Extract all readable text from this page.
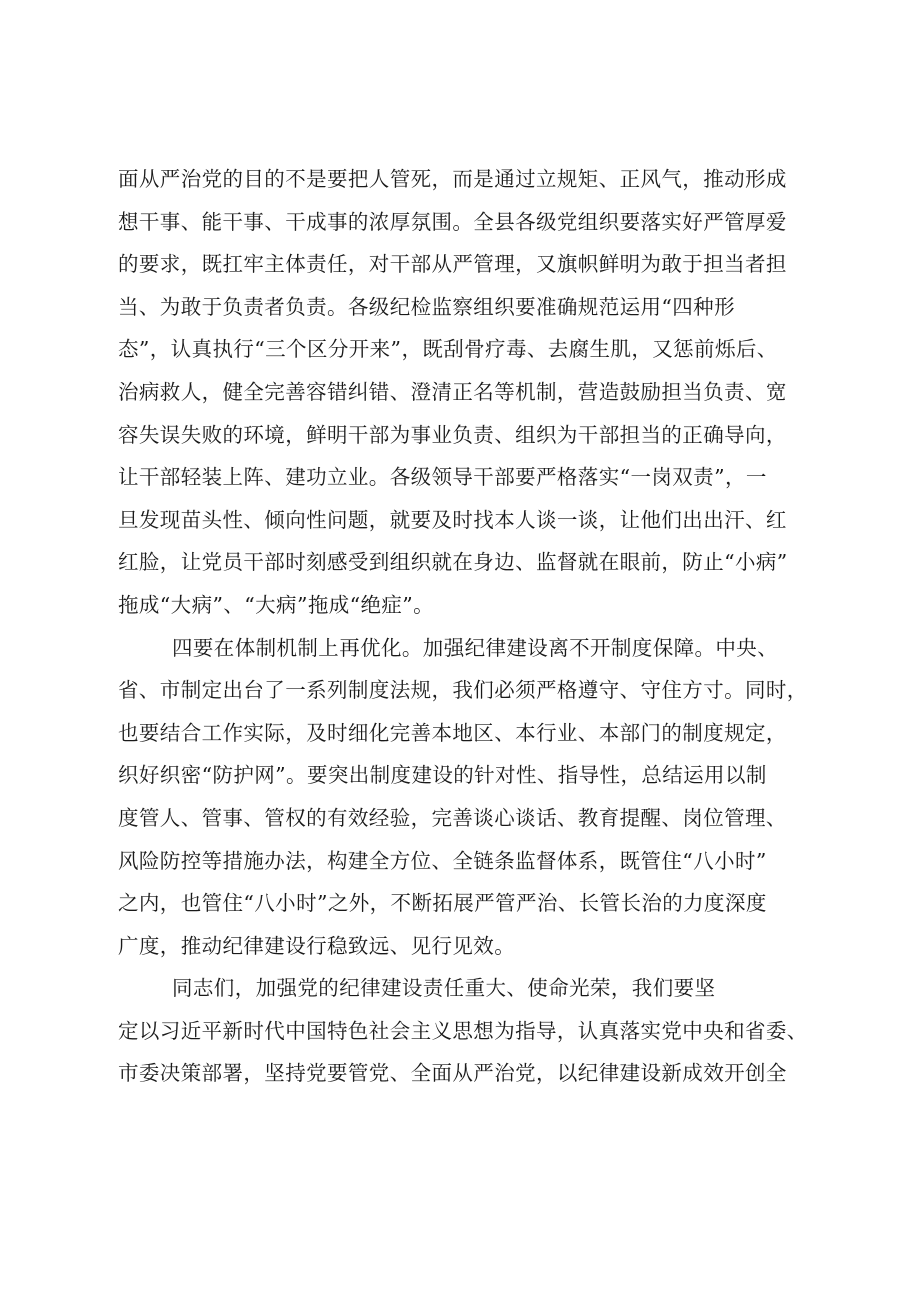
面从严治党的目的不是要把人管死，而是通过立规矩、正风气，推动形成
想干事、能干事、干成事的浓厚氛围。全县各级党组织要落实好严管厚爱
的要求，既扛牢主体责任，对干部从严管理，又旗帜鲜明为敢于担当者担
当、为敢于负责者负责。各级纪检监察组织要准确规范运用“四种形
态”，认真执行“三个区分开来”，既刮骨疗毒、去腐生肌，又惩前烁后、
治病救人，健全完善容错纠错、澄清正名等机制，营造鼓励担当负责、宽
容失误失败的环境，鲜明干部为事业负责、组织为干部担当的正确导向，
让干部轻装上阵、建功立业。各级领导干部要严格落实“一岗双责”，一
旦发现苗头性、倾向性问题，就要及时找本人谈一谈，让他们出出汗、红
红脸，让党员干部时刻感受到组织就在身边、监督就在眼前，防止“小病”
拖成“大病”、“大病”拖成“绝症”。
四要在体制机制上再优化。加强纪律建设离不开制度保障。中央、
省、市制定出台了一系列制度法规，我们必须严格遵守、守住方寸。同时，
也要结合工作实际，及时细化完善本地区、本行业、本部门的制度规定，
织好织密“防护网”。要突出制度建设的针对性、指导性，总结运用以制
度管人、管事、管权的有效经验，完善谈心谈话、教育提醒、岗位管理、
风险防控等措施办法，构建全方位、全链条监督体系，既管住“八小时”
之内，也管住“八小时”之外，不断拓展严管严治、长管长治的力度深度
广度，推动纪律建设行稳致远、见行见效。
同志们，加强党的纪律建设责任重大、使命光荣，我们要坚
定以习近平新时代中国特色社会主义思想为指导，认真落实党中央和省委、
市委决策部署，坚持党要管党、全面从严治党，以纪律建设新成效开创全
